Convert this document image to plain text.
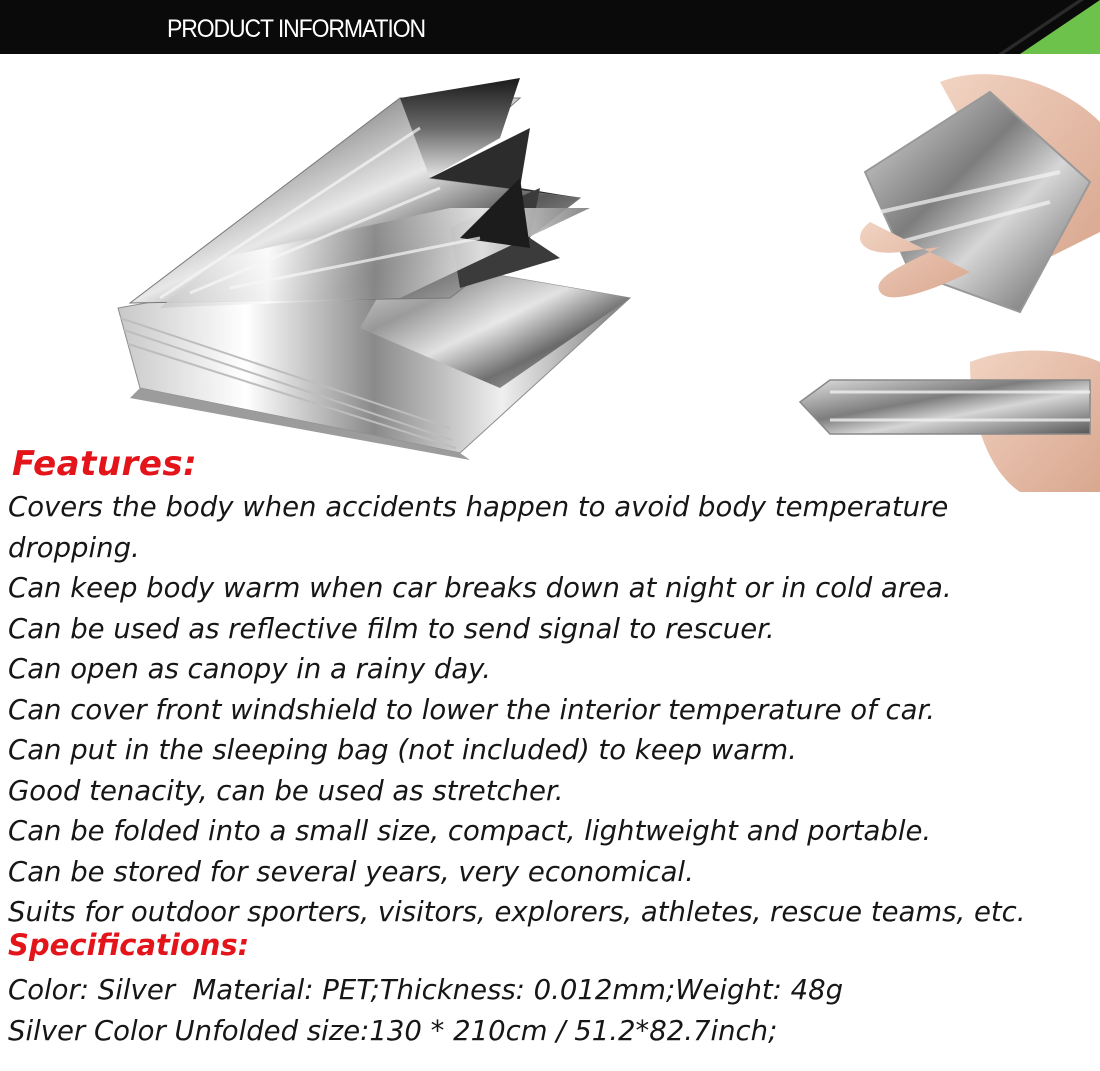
PRODUCT INFORMATION
Features:
Covers the body when accidents happen to avoid body temperature
dropping.
Can keep body warm when car breaks down at night or in cold area.
Can be used as reflective film to send signal to rescuer.
Can open as canopy in a rainy day.
Can cover front windshield to lower the interior temperature of car.
Can put in the sleeping bag (not included) to keep warm.
Good tenacity, can be used as stretcher.
Can be folded into a small size, compact, lightweight and portable.
Can be stored for several years, very economical.
Suits for outdoor sporters, visitors, explorers, athletes, rescue teams, etc.
Specifications:
Color: Silver  Material: PET;Thickness: 0.012mm;Weight: 48g
Silver Color Unfolded size:130 * 210cm / 51.2*82.7inch;
